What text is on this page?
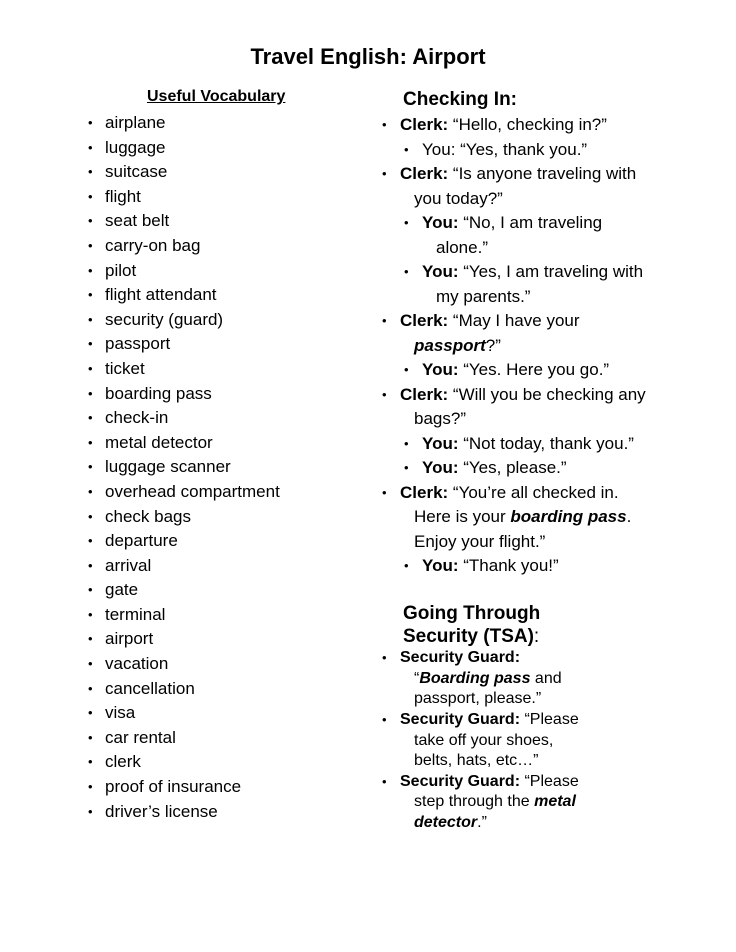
Travel English: Airport
Useful Vocabulary
• airplane
• luggage
• suitcase
• flight
• seat belt
• carry-on bag
• pilot
• flight attendant
• security (guard)
• passport
• ticket
• boarding pass
• check-in
• metal detector
• luggage scanner
• overhead compartment
• check bags
• departure
• arrival
• gate
• terminal
• airport
• vacation
• cancellation
• visa
• car rental
• clerk
• proof of insurance
• driver’s license
Checking In:
• Clerk: “Hello, checking in?”
• You: “Yes, thank you.”
• Clerk: “Is anyone traveling with
you today?”
• You: “No, I am traveling
alone.”
• You: “Yes, I am traveling with
my parents.”
• Clerk: “May I have your
passport?”
• You: “Yes. Here you go.”
• Clerk: “Will you be checking any
bags?”
• You: “Not today, thank you.”
• You: “Yes, please.”
• Clerk: “You’re all checked in.
Here is your boarding pass.
Enjoy your flight.”
• You: “Thank you!”
Going Through
Security (TSA):
• Security Guard:
“Boarding pass and
passport, please.”
• Security Guard: “Please
take off your shoes,
belts, hats, etc…”
• Security Guard: “Please
step through the metal
detector.”
